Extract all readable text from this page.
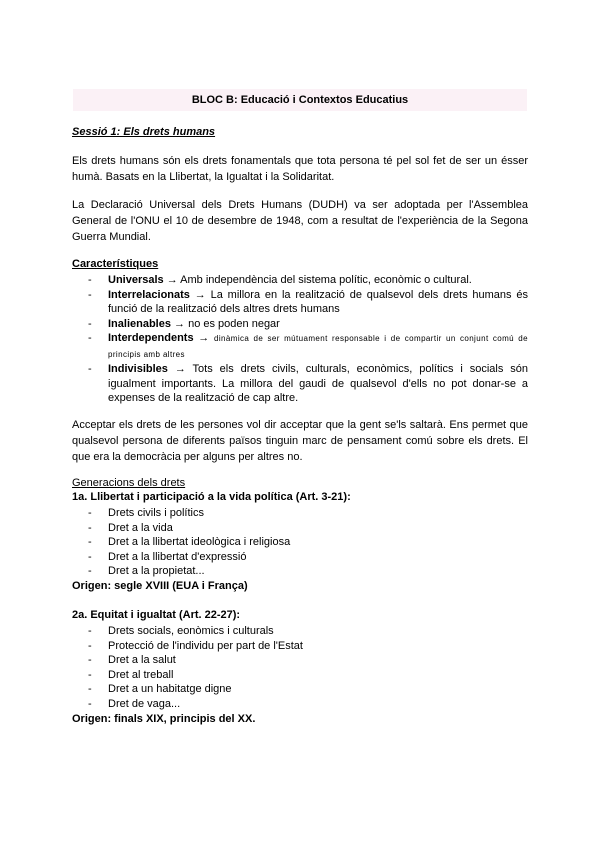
BLOC B: Educació i Contextos Educatius
Sessió 1: Els drets humans

Els drets humans són els drets fonamentals que tota persona té pel sol fet de ser un ésser humà. Basats en la Llibertat, la Igualtat i la Solidaritat.

La Declaració Universal dels Drets Humans (DUDH) va ser adoptada per l'Assemblea General de l'ONU el 10 de desembre de 1948, com a resultat de l'experiència de la Segona Guerra Mundial.

Característiques
-	Universals → Amb independència del sistema polític, econòmic o cultural.
-	Interrelacionats → La millora en la realització de qualsevol dels drets humans és funció de la realització dels altres drets humans
-	Inalienables → no es poden negar
-	Interdependents → dinàmica de ser mútuament responsable i de compartir un conjunt comú de principis amb altres
-	Indivisibles → Tots els drets civils, culturals, econòmics, polítics i socials són igualment importants. La millora del gaudi de qualsevol d'ells no pot donar-se a expenses de la realització de cap altre.

Acceptar els drets de les persones vol dir acceptar que la gent se'ls saltarà. Ens permet que qualsevol persona de diferents països tinguin marc de pensament comú sobre els drets. El que era la democràcia per alguns per altres no.

Generacions dels drets
1a. Llibertat i participació a la vida política (Art. 3-21):
-	Drets civils i polítics
-	Dret a la vida
-	Dret a la llibertat ideològica i religiosa
-	Dret a la llibertat d'expressió
-	Dret a la propietat...
Origen: segle XVIII (EUA i França)
2a. Equitat i igualtat (Art. 22-27):
-	Drets socials, eonòmics i culturals
-	Protecció de l'individu per part de l'Estat
-	Dret a la salut
-	Dret al treball
-	Dret a un habitatge digne
-	Dret de vaga...
Origen: finals XIX, principis del XX.
